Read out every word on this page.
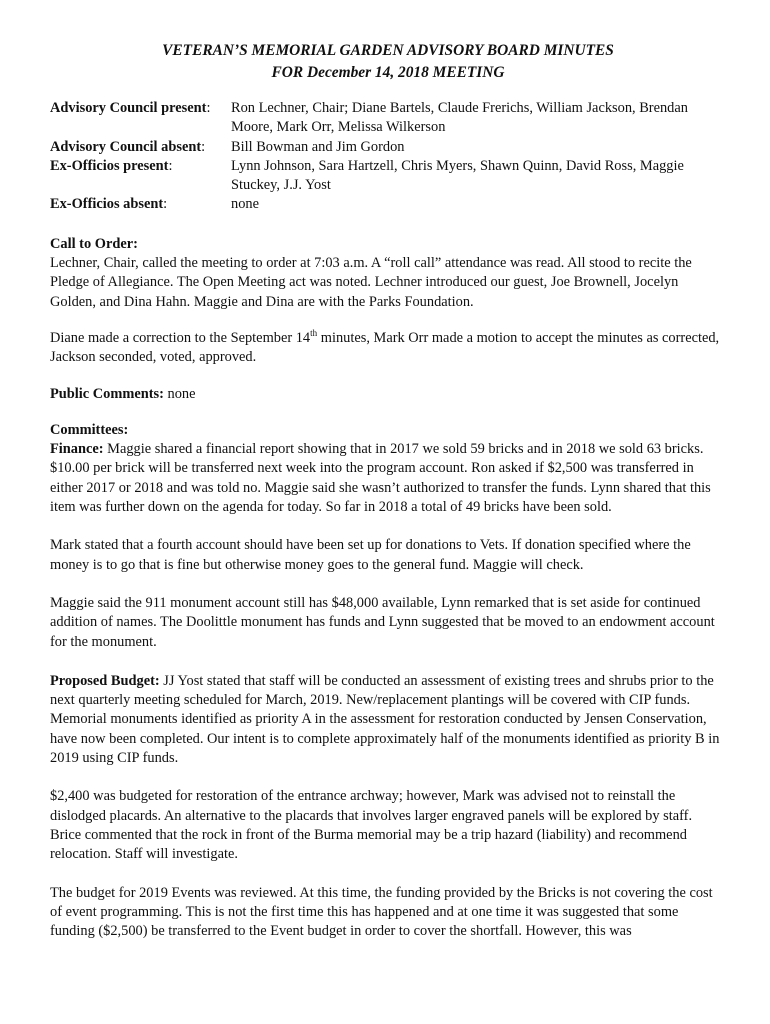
VETERAN’S MEMORIAL GARDEN ADVISORY BOARD MINUTES
FOR December 14, 2018 MEETING
Advisory Council present:	Ron Lechner, Chair; Diane Bartels, Claude Frerichs, William Jackson, Brendan Moore, Mark Orr, Melissa Wilkerson
Advisory Council absent:	Bill Bowman and Jim Gordon
Ex-Officios present:	Lynn Johnson, Sara Hartzell, Chris Myers, Shawn Quinn, David Ross, Maggie Stuckey, J.J. Yost
Ex-Officios absent:	none
Call to Order:

Lechner, Chair, called the meeting to order at 7:03 a.m. A “roll call” attendance was read. All stood to recite the Pledge of Allegiance. The Open Meeting act was noted. Lechner introduced our guest, Joe Brownell, Jocelyn Golden, and Dina Hahn. Maggie and Dina are with the Parks Foundation.

Diane made a correction to the September 14th minutes, Mark Orr made a motion to accept the minutes as corrected, Jackson seconded, voted, approved.

Public Comments: none

Committees:

Finance: Maggie shared a financial report showing that in 2017 we sold 59 bricks and in 2018 we sold 63 bricks. $10.00 per brick will be transferred next week into the program account. Ron asked if $2,500 was transferred in either 2017 or 2018 and was told no. Maggie said she wasn’t authorized to transfer the funds. Lynn shared that this item was further down on the agenda for today. So far in 2018 a total of 49 bricks have been sold.

Mark stated that a fourth account should have been set up for donations to Vets. If donation specified where the money is to go that is fine but otherwise money goes to the general fund. Maggie will check.

Maggie said the 911 monument account still has $48,000 available, Lynn remarked that is set aside for continued addition of names. The Doolittle monument has funds and Lynn suggested that be moved to an endowment account for the monument.

Proposed Budget: JJ Yost stated that staff will be conducted an assessment of existing trees and shrubs prior to the next quarterly meeting scheduled for March, 2019. New/replacement plantings will be covered with CIP funds. Memorial monuments identified as priority A in the assessment for restoration conducted by Jensen Conservation, have now been completed. Our intent is to complete approximately half of the monuments identified as priority B in 2019 using CIP funds.

$2,400 was budgeted for restoration of the entrance archway; however, Mark was advised not to reinstall the dislodged placards. An alternative to the placards that involves larger engraved panels will be explored by staff. Brice commented that the rock in front of the Burma memorial may be a trip hazard (liability) and recommend relocation. Staff will investigate.

The budget for 2019 Events was reviewed. At this time, the funding provided by the Bricks is not covering the cost of event programming. This is not the first time this has happened and at one time it was suggested that some funding ($2,500) be transferred to the Event budget in order to cover the shortfall. However, this was
